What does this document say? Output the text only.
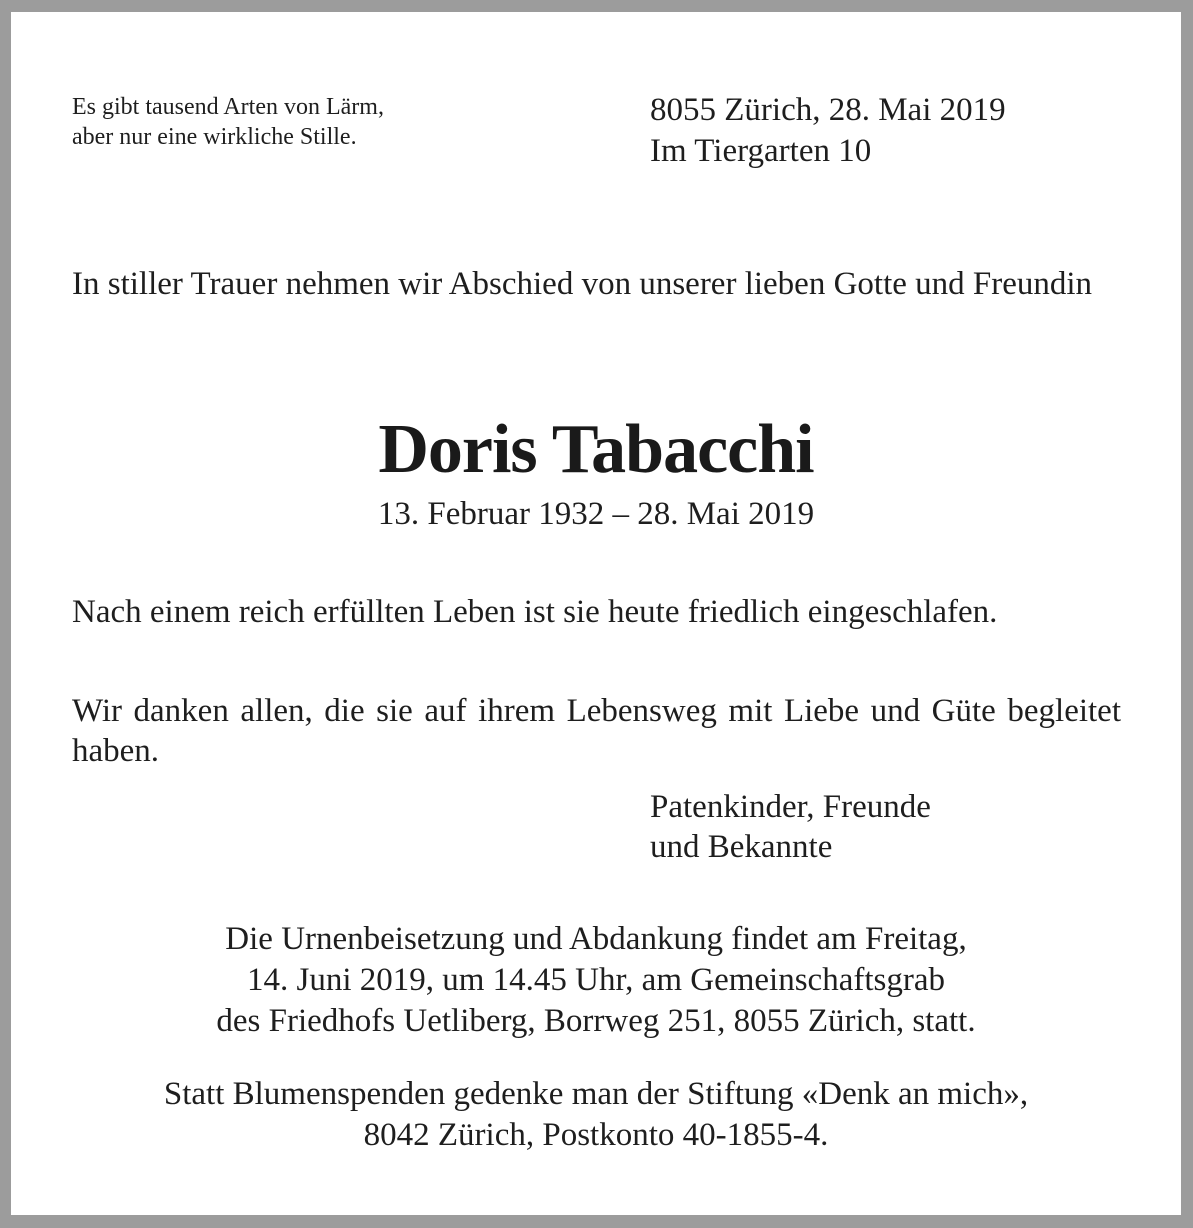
Es gibt tausend Arten von Lärm,
aber nur eine wirkliche Stille.
8055 Zürich, 28. Mai 2019
Im Tiergarten 10
In stiller Trauer nehmen wir Abschied von unserer lieben Gotte und Freundin
Doris Tabacchi
13. Februar 1932 – 28. Mai 2019
Nach einem reich erfüllten Leben ist sie heute friedlich eingeschlafen.
Wir danken allen, die sie auf ihrem Lebensweg mit Liebe und Güte begleitet haben.
Patenkinder, Freunde
und Bekannte
Die Urnenbeisetzung und Abdankung findet am Freitag,
14. Juni 2019, um 14.45 Uhr, am Gemeinschaftsgrab
des Friedhofs Uetliberg, Borrweg 251, 8055 Zürich, statt.
Statt Blumenspenden gedenke man der Stiftung «Denk an mich»,
8042 Zürich, Postkonto 40-1855-4.
